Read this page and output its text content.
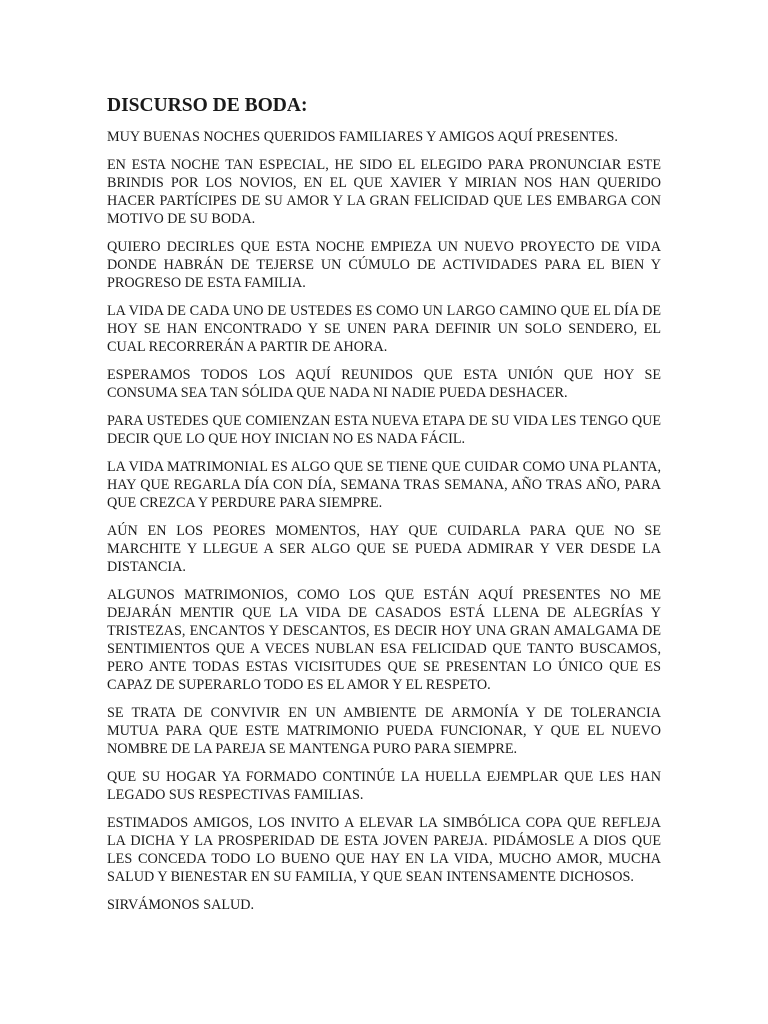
DISCURSO DE BODA:

MUY BUENAS NOCHES QUERIDOS FAMILIARES Y AMIGOS AQUÍ PRESENTES.

EN ESTA NOCHE TAN ESPECIAL, HE SIDO EL ELEGIDO PARA PRONUNCIAR ESTE BRINDIS POR LOS NOVIOS, EN EL QUE XAVIER Y MIRIAN NOS HAN QUERIDO HACER PARTÍCIPES DE SU AMOR Y LA GRAN FELICIDAD QUE LES EMBARGA CON MOTIVO DE SU BODA.

QUIERO DECIRLES QUE ESTA NOCHE EMPIEZA UN NUEVO PROYECTO DE VIDA DONDE HABRÁN DE TEJERSE UN CÚMULO DE ACTIVIDADES PARA EL BIEN Y PROGRESO DE ESTA FAMILIA.

LA VIDA DE CADA UNO DE USTEDES ES COMO UN LARGO CAMINO QUE EL DÍA DE HOY SE HAN ENCONTRADO Y SE UNEN PARA DEFINIR UN SOLO SENDERO, EL CUAL RECORRERÁN A PARTIR DE AHORA.

ESPERAMOS TODOS LOS AQUÍ REUNIDOS QUE ESTA UNIÓN QUE HOY SE CONSUMA SEA TAN SÓLIDA QUE NADA NI NADIE PUEDA DESHACER.

PARA USTEDES QUE COMIENZAN ESTA NUEVA ETAPA DE SU VIDA LES TENGO QUE DECIR QUE LO QUE HOY INICIAN NO ES NADA FÁCIL.

LA VIDA MATRIMONIAL ES ALGO QUE SE TIENE QUE CUIDAR COMO UNA PLANTA, HAY QUE REGARLA DÍA CON DÍA, SEMANA TRAS SEMANA, AÑO TRAS AÑO, PARA QUE CREZCA Y PERDURE PARA SIEMPRE.

AÚN EN LOS PEORES MOMENTOS, HAY QUE CUIDARLA PARA QUE NO SE MARCHITE Y LLEGUE A SER ALGO QUE SE PUEDA ADMIRAR Y VER DESDE LA DISTANCIA.

ALGUNOS MATRIMONIOS, COMO LOS QUE ESTÁN AQUÍ PRESENTES NO ME DEJARÁN MENTIR QUE LA VIDA DE CASADOS ESTÁ LLENA DE ALEGRÍAS Y TRISTEZAS, ENCANTOS Y DESCANTOS, ES DECIR HOY UNA GRAN AMALGAMA DE SENTIMIENTOS QUE A VECES NUBLAN ESA FELICIDAD QUE TANTO BUSCAMOS, PERO ANTE TODAS ESTAS VICISITUDES QUE SE PRESENTAN LO ÚNICO QUE ES CAPAZ DE SUPERARLO TODO ES EL AMOR Y EL RESPETO.

SE TRATA DE CONVIVIR EN UN AMBIENTE DE ARMONÍA Y DE TOLERANCIA MUTUA PARA QUE ESTE MATRIMONIO PUEDA FUNCIONAR, Y QUE EL NUEVO NOMBRE DE LA PAREJA SE MANTENGA PURO PARA SIEMPRE.

QUE SU HOGAR YA FORMADO CONTINÚE LA HUELLA EJEMPLAR QUE LES HAN LEGADO SUS RESPECTIVAS FAMILIAS.

ESTIMADOS AMIGOS, LOS INVITO A ELEVAR LA SIMBÓLICA COPA QUE REFLEJA LA DICHA Y LA PROSPERIDAD DE ESTA JOVEN PAREJA. PIDÁMOSLE A DIOS QUE LES CONCEDA TODO LO BUENO QUE HAY EN LA VIDA, MUCHO AMOR, MUCHA SALUD Y BIENESTAR EN SU FAMILIA, Y QUE SEAN INTENSAMENTE DICHOSOS.

SIRVÁMONOS SALUD.
